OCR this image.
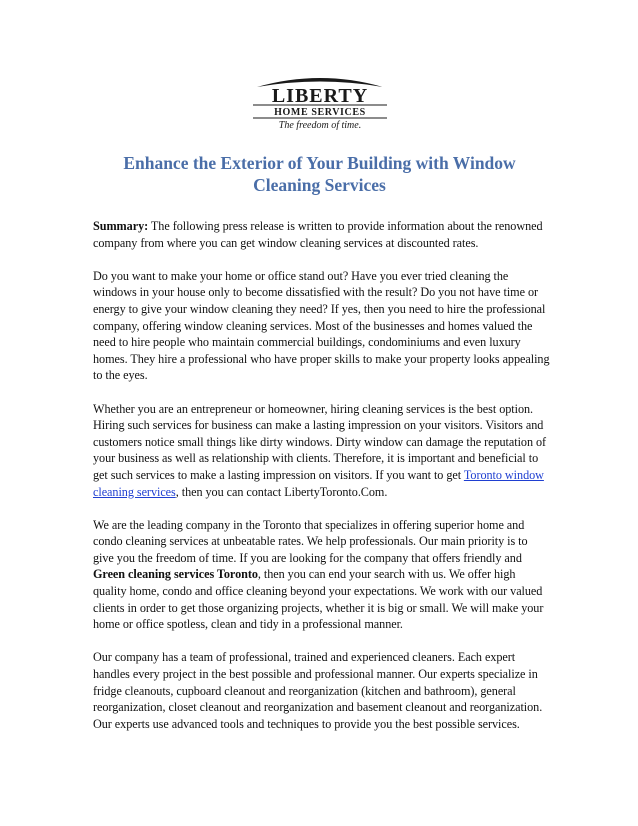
LIBERTY
HOME SERVICES
The freedom of time.
Enhance the Exterior of Your Building with Window Cleaning Services

Summary: The following press release is written to provide information about the renowned company from where you can get window cleaning services at discounted rates.

Do you want to make your home or office stand out? Have you ever tried cleaning the windows in your house only to become dissatisfied with the result? Do you not have time or energy to give your window cleaning they need? If yes, then you need to hire the professional company, offering window cleaning services. Most of the businesses and homes valued the need to hire people who maintain commercial buildings, condominiums and even luxury homes. They hire a professional who have proper skills to make your property looks appealing to the eyes.

Whether you are an entrepreneur or homeowner, hiring cleaning services is the best option. Hiring such services for business can make a lasting impression on your visitors. Visitors and customers notice small things like dirty windows. Dirty window can damage the reputation of your business as well as relationship with clients. Therefore, it is important and beneficial to get such services to make a lasting impression on visitors. If you want to get Toronto window cleaning services, then you can contact LibertyToronto.Com.

We are the leading company in the Toronto that specializes in offering superior home and condo cleaning services at unbeatable rates. We help professionals. Our main priority is to give you the freedom of time. If you are looking for the company that offers friendly and Green cleaning services Toronto, then you can end your search with us. We offer high quality home, condo and office cleaning beyond your expectations. We work with our valued clients in order to get those organizing projects, whether it is big or small. We will make your home or office spotless, clean and tidy in a professional manner.

Our company has a team of professional, trained and experienced cleaners. Each expert handles every project in the best possible and professional manner. Our experts specialize in fridge cleanouts, cupboard cleanout and reorganization (kitchen and bathroom), general reorganization, closet cleanout and reorganization and basement cleanout and reorganization. Our experts use advanced tools and techniques to provide you the best possible services.
